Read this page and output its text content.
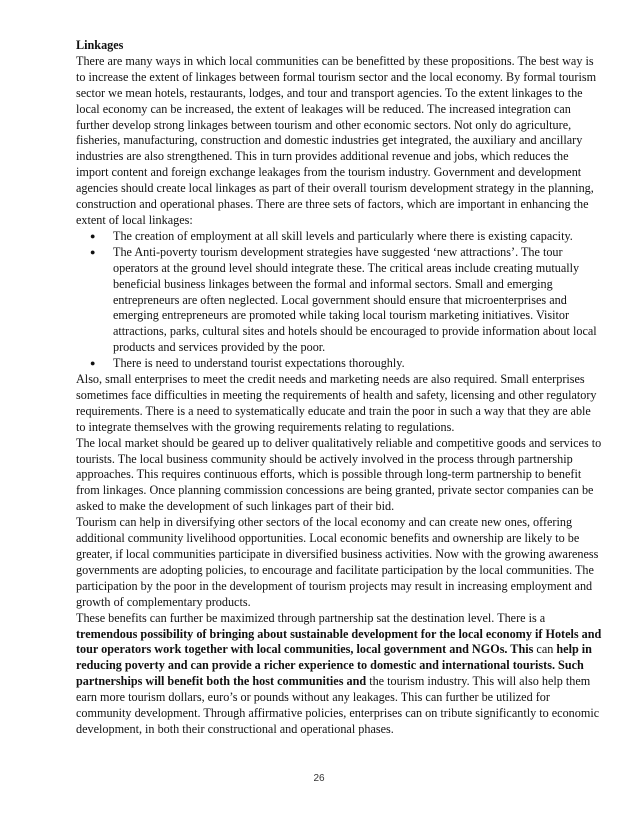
Linkages

There are many ways in which local communities can be benefitted by these propositions. The best way is to increase the extent of linkages between formal tourism sector and the local economy. By formal tourism sector we mean hotels, restaurants, lodges, and tour and transport agencies. To the extent linkages to the local economy can be increased, the extent of leakages will be reduced. The increased integration can further develop strong linkages between tourism and other economic sectors. Not only do agriculture, fisheries, manufacturing, construction and domestic industries get integrated, the auxiliary and ancillary industries are also strengthened. This in turn provides additional revenue and jobs, which reduces the import content and foreign exchange leakages from the tourism industry. Government and development agencies should create local linkages as part of their overall tourism development strategy in the planning, construction and operational phases. There are three sets of factors, which are important in enhancing the extent of local linkages:

● The creation of employment at all skill levels and particularly where there is existing capacity.
● The Anti-poverty tourism development strategies have suggested ‘new attractions’. The tour operators at the ground level should integrate these. The critical areas include creating mutually beneficial business linkages between the formal and informal sectors. Small and emerging entrepreneurs are often neglected. Local government should ensure that microenterprises and emerging entrepreneurs are promoted while taking local tourism marketing initiatives. Visitor attractions, parks, cultural sites and hotels should be encouraged to provide information about local products and services provided by the poor.
● There is need to understand tourist expectations thoroughly.

Also, small enterprises to meet the credit needs and marketing needs are also required. Small enterprises sometimes face difficulties in meeting the requirements of health and safety, licensing and other regulatory requirements. There is a need to systematically educate and train the poor in such a way that they are able to integrate themselves with the growing requirements relating to regulations.

The local market should be geared up to deliver qualitatively reliable and competitive goods and services to tourists. The local business community should be actively involved in the process through partnership approaches. This requires continuous efforts, which is possible through long-term partnership to benefit from linkages. Once planning commission concessions are being granted, private sector companies can be asked to make the development of such linkages part of their bid.

Tourism can help in diversifying other sectors of the local economy and can create new ones, offering additional community livelihood opportunities. Local economic benefits and ownership are likely to be greater, if local communities participate in diversified business activities. Now with the growing awareness governments are adopting policies, to encourage and facilitate participation by the local communities. The participation by the poor in the development of tourism projects may result in increasing employment and growth of complementary products.

These benefits can further be maximized through partnership sat the destination level. There is a tremendous possibility of bringing about sustainable development for the local economy if Hotels and tour operators work together with local communities, local government and NGOs. This can help in reducing poverty and can provide a richer experience to domestic and international tourists. Such partnerships will benefit both the host communities and the tourism industry. This will also help them earn more tourism dollars, euro’s or pounds without any leakages. This can further be utilized for community development. Through affirmative policies, enterprises can on tribute significantly to economic development, in both their constructional and operational phases.

26
